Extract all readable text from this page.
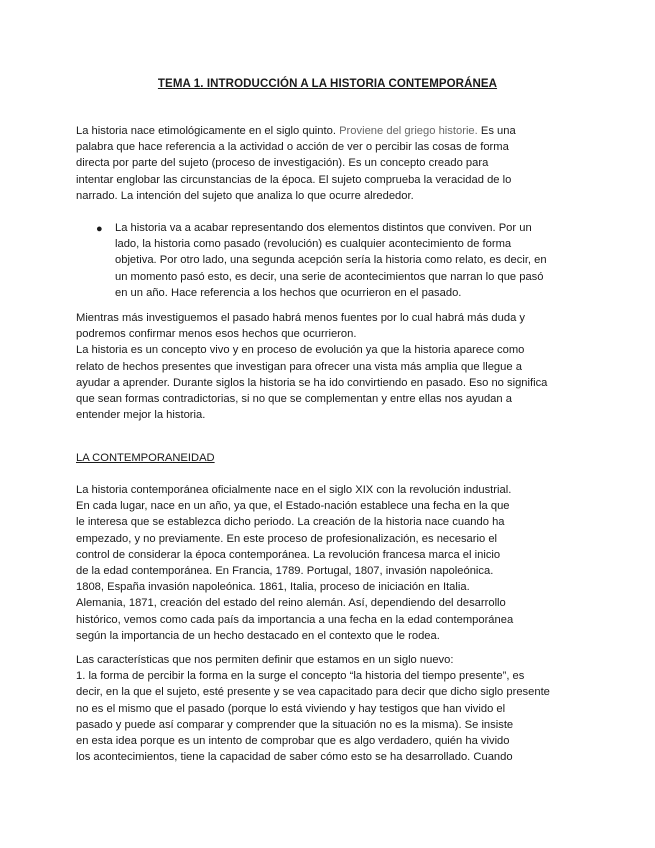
TEMA 1. INTRODUCCIÓN A LA HISTORIA CONTEMPORÁNEA
La historia nace etimológicamente en el siglo quinto. Proviene del griego historie. Es una
palabra que hace referencia a la actividad o acción de ver o percibir las cosas de forma
directa por parte del sujeto (proceso de investigación). Es un concepto creado para
intentar englobar las circunstancias de la época. El sujeto comprueba la veracidad de lo
narrado. La intención del sujeto que analiza lo que ocurre alrededor.
● La historia va a acabar representando dos elementos distintos que conviven. Por un
lado, la historia como pasado (revolución) es cualquier acontecimiento de forma
objetiva. Por otro lado, una segunda acepción sería la historia como relato, es decir, en
un momento pasó esto, es decir, una serie de acontecimientos que narran lo que pasó
en un año. Hace referencia a los hechos que ocurrieron en el pasado.
Mientras más investiguemos el pasado habrá menos fuentes por lo cual habrá más duda y
podremos confirmar menos esos hechos que ocurrieron.
La historia es un concepto vivo y en proceso de evolución ya que la historia aparece como
relato de hechos presentes que investigan para ofrecer una vista más amplia que llegue a
ayudar a aprender. Durante siglos la historia se ha ido convirtiendo en pasado. Eso no significa
que sean formas contradictorias, si no que se complementan y entre ellas nos ayudan a
entender mejor la historia.
LA CONTEMPORANEIDAD
La historia contemporánea oficialmente nace en el siglo XIX con la revolución industrial.
En cada lugar, nace en un año, ya que, el Estado-nación establece una fecha en la que
le interesa que se establezca dicho periodo. La creación de la historia nace cuando ha
empezado, y no previamente. En este proceso de profesionalización, es necesario el
control de considerar la época contemporánea. La revolución francesa marca el inicio
de la edad contemporánea. En Francia, 1789. Portugal, 1807, invasión napoleónica.
1808, España invasión napoleónica. 1861, Italia, proceso de iniciación en Italia.
Alemania, 1871, creación del estado del reino alemán. Así, dependiendo del desarrollo
histórico, vemos como cada país da importancia a una fecha en la edad contemporánea
según la importancia de un hecho destacado en el contexto que le rodea.
Las características que nos permiten definir que estamos en un siglo nuevo:
1. la forma de percibir la forma en la surge el concepto “la historia del tiempo presente”, es
decir, en la que el sujeto, esté presente y se vea capacitado para decir que dicho siglo presente
no es el mismo que el pasado (porque lo está viviendo y hay testigos que han vivido el
pasado y puede así comparar y comprender que la situación no es la misma). Se insiste
en esta idea porque es un intento de comprobar que es algo verdadero, quién ha vivido
los acontecimientos, tiene la capacidad de saber cómo esto se ha desarrollado. Cuando
